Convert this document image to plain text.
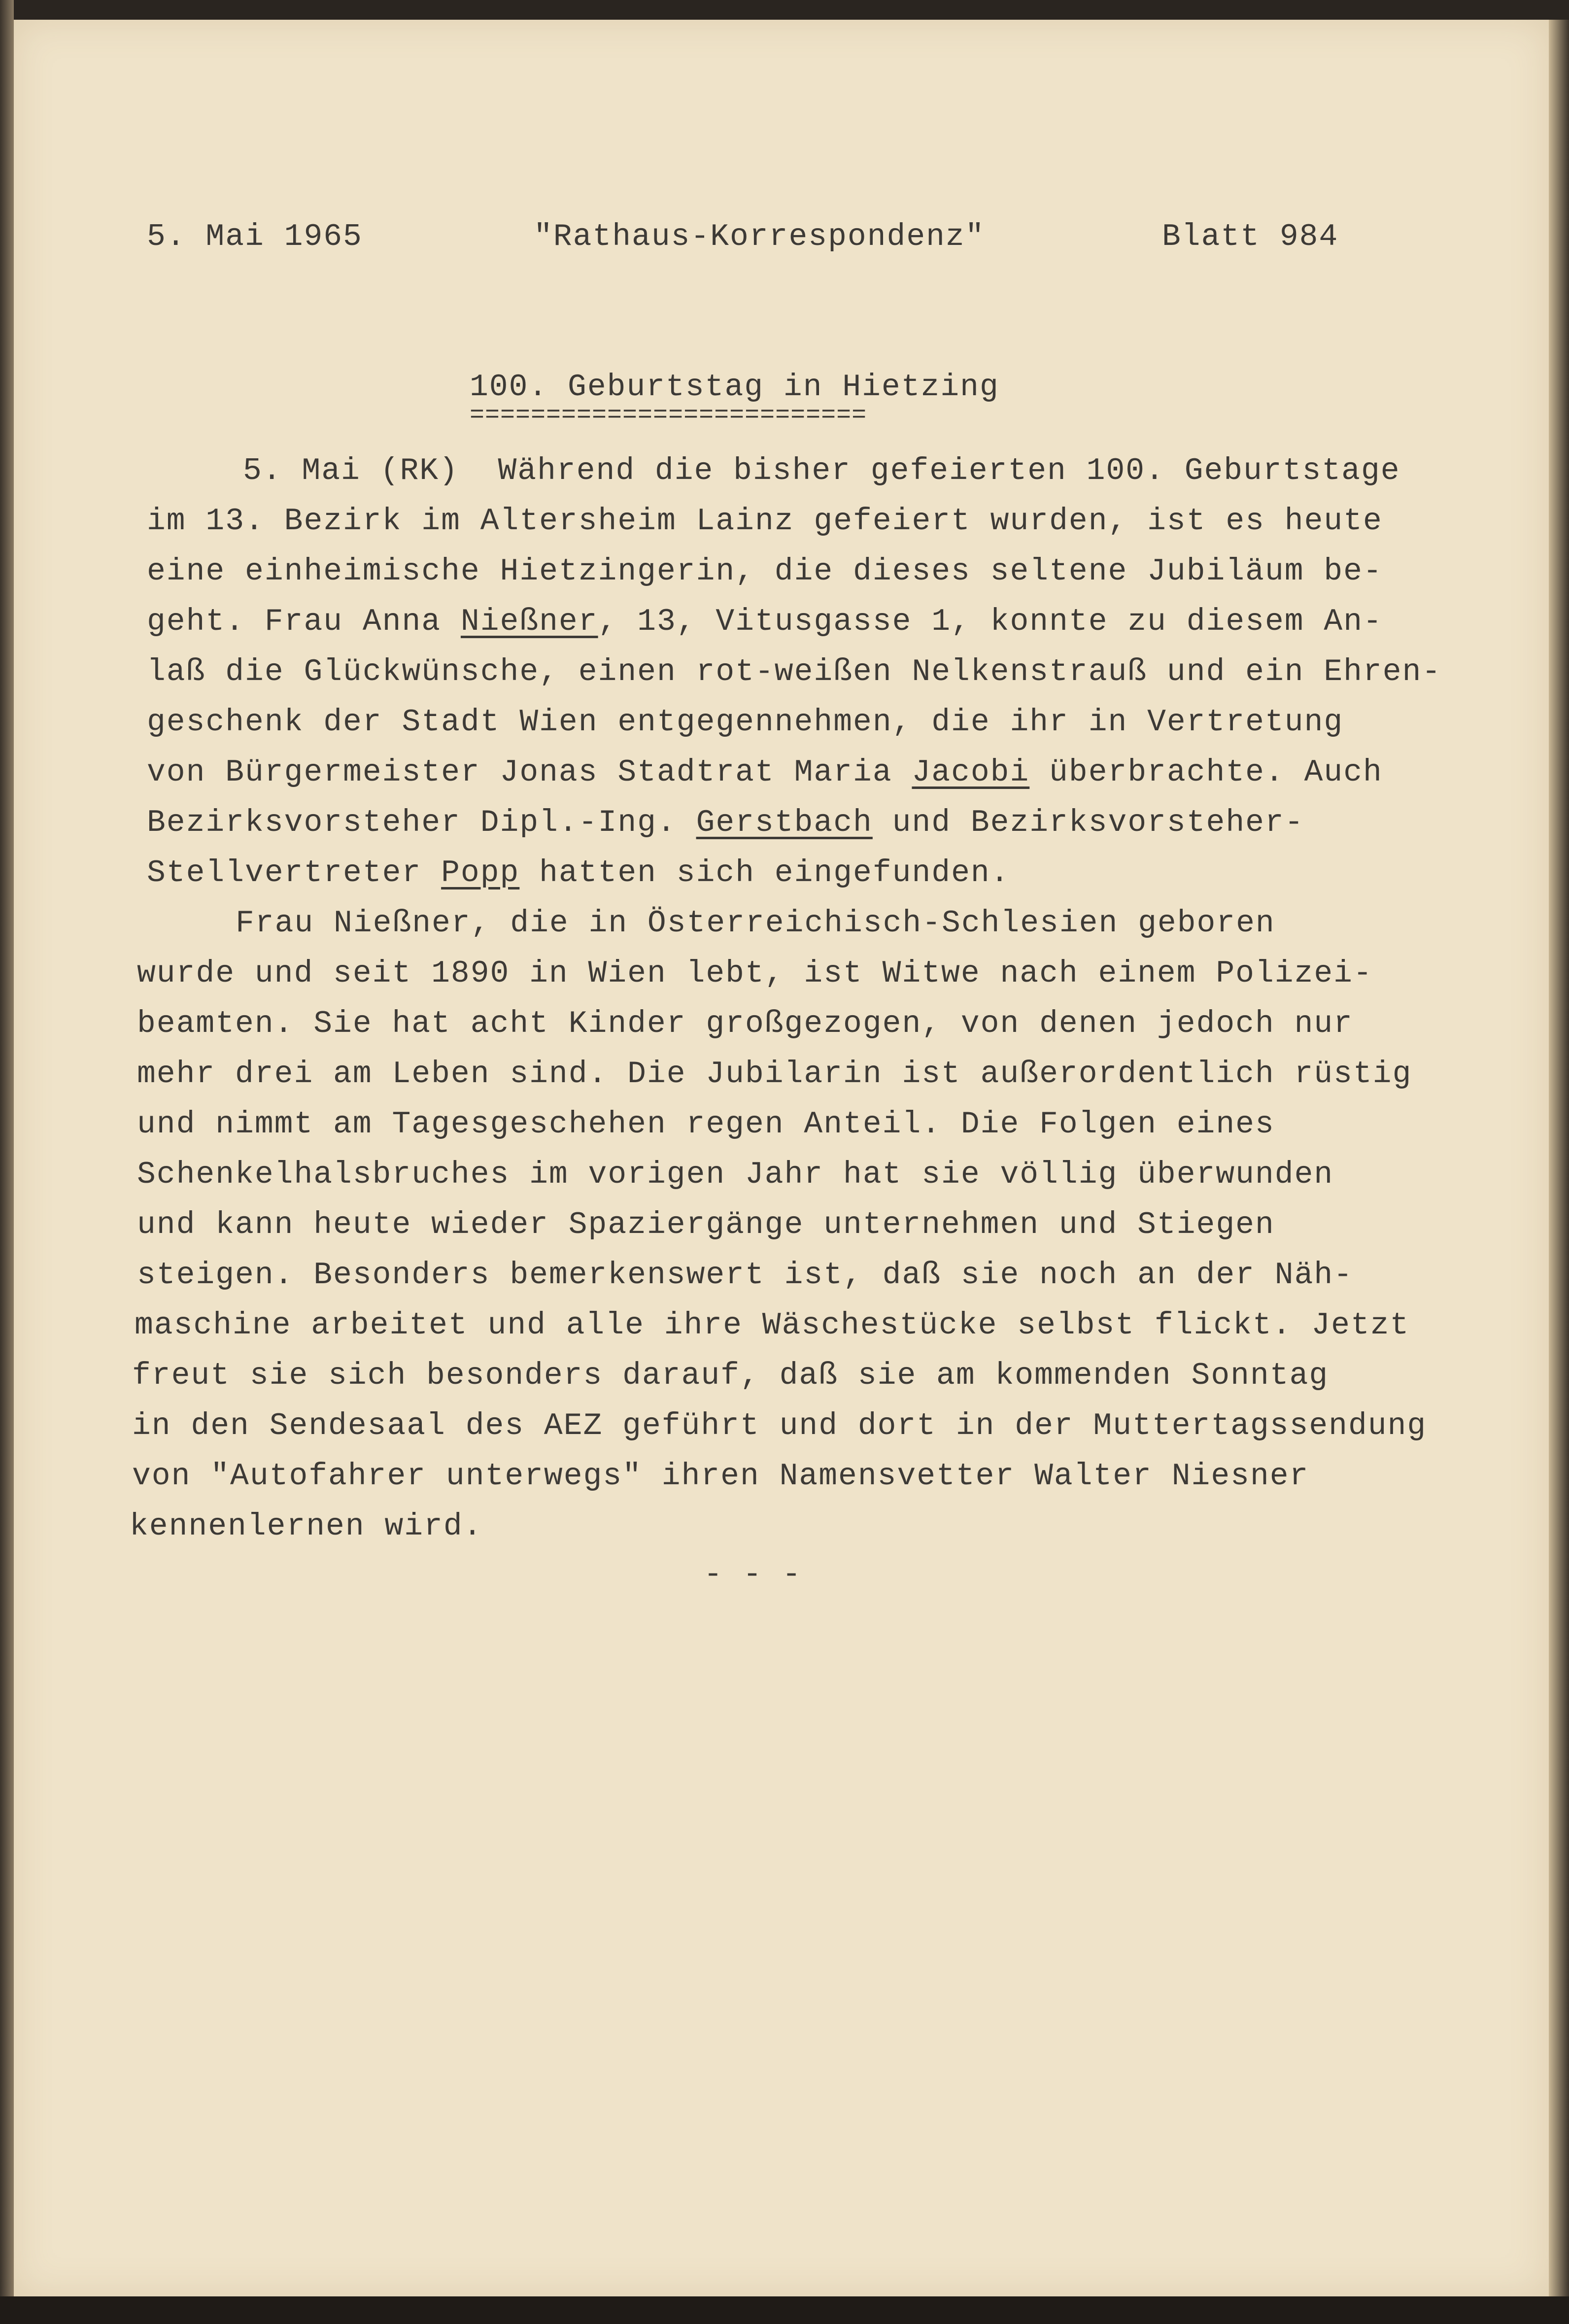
5. Mai 1965	"Rathaus-Korrespondenz"	Blatt 984
100. Geburtstag in Hietzing
==========================
5. Mai (RK)  Während die bisher gefeierten 100. Geburtstage
im 13. Bezirk im Altersheim Lainz gefeiert wurden, ist es heute
eine einheimische Hietzingerin, die dieses seltene Jubiläum be-
geht. Frau Anna Nießner, 13, Vitusgasse 1, konnte zu diesem An-
laß die Glückwünsche, einen rot-weißen Nelkenstrauß und ein Ehren-
geschenk der Stadt Wien entgegennehmen, die ihr in Vertretung
von Bürgermeister Jonas Stadtrat Maria Jacobi überbrachte. Auch
Bezirksvorsteher Dipl.-Ing. Gerstbach und Bezirksvorsteher-
Stellvertreter Popp hatten sich eingefunden.
Frau Nießner, die in Österreichisch-Schlesien geboren
wurde und seit 1890 in Wien lebt, ist Witwe nach einem Polizei-
beamten. Sie hat acht Kinder großgezogen, von denen jedoch nur
mehr drei am Leben sind. Die Jubilarin ist außerordentlich rüstig
und nimmt am Tagesgeschehen regen Anteil. Die Folgen eines
Schenkelhalsbruches im vorigen Jahr hat sie völlig überwunden
und kann heute wieder Spaziergänge unternehmen und Stiegen
steigen. Besonders bemerkenswert ist, daß sie noch an der Näh-
maschine arbeitet und alle ihre Wäschestücke selbst flickt. Jetzt
freut sie sich besonders darauf, daß sie am kommenden Sonntag
in den Sendesaal des AEZ geführt und dort in der Muttertagssendung
von "Autofahrer unterwegs" ihren Namensvetter Walter Niesner
kennenlernen wird.
- - -
